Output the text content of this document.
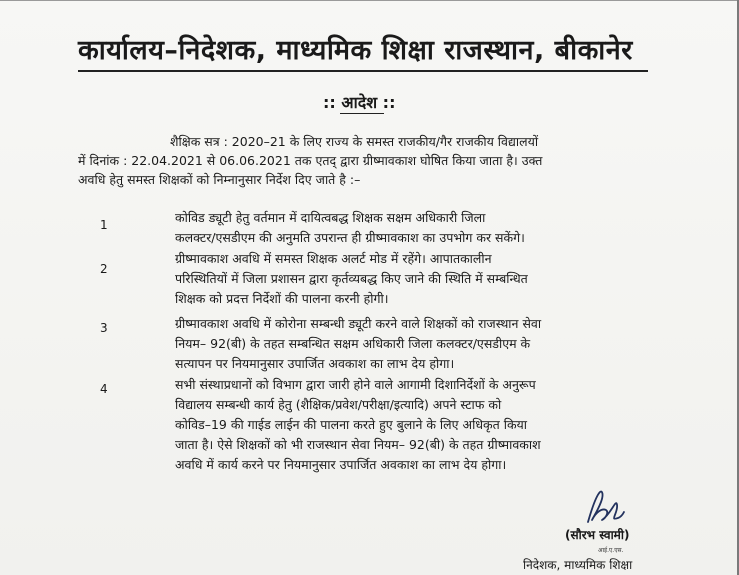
कार्यालय–निदेशक, माध्यमिक शिक्षा राजस्थान, बीकानेर
:: आदेश ::
शैक्षिक सत्र : 2020–21 के लिए राज्य के समस्त राजकीय/गैर राजकीय विद्यालयों
में दिनांक : 22.04.2021 से 06.06.2021 तक एतद् द्वारा ग्रीष्मावकाश घोषित किया जाता है। उक्त
अवधि हेतु समस्त शिक्षकों को निम्नानुसार निर्देश दिए जाते है :–
1	कोविड ड्यूटी हेतु वर्तमान में दायित्वबद्ध शिक्षक सक्षम अधिकारी जिला
कलक्टर/एसडीएम की अनुमति उपरान्त ही ग्रीष्मावकाश का उपभोग कर सकेंगे।
2
ग्रीष्मावकाश अवधि में समस्त शिक्षक अलर्ट मोड में रहेंगे। आपातकालीन
परिस्थितियों में जिला प्रशासन द्वारा कृर्तव्यबद्ध किए जाने की स्थिति में सम्बन्धित
शिक्षक को प्रदत्त निर्देशों की पालना करनी होगी।
3	ग्रीष्मावकाश अवधि में कोरोना सम्बन्धी ड्यूटी करने वाले शिक्षकों को राजस्थान सेवा
नियम– 92(बी) के तहत सम्बन्धित सक्षम अधिकारी जिला कलक्टर/एसडीएम के
सत्यापन पर नियमानुसार उपार्जित अवकाश का लाभ देय होगा।
4	सभी संस्थाप्रधानों को विभाग द्वारा जारी होने वाले आगामी दिशानिर्देशों के अनुरूप
विद्यालय सम्बन्धी कार्य हेतु (शैक्षिक/प्रवेश/परीक्षा/इत्यादि) अपने स्टाफ को
कोविड–19 की गाईड लाईन की पालना करते हुए बुलाने के लिए अधिकृत किया
जाता है। ऐसे शिक्षकों को भी राजस्थान सेवा नियम– 92(बी) के तहत ग्रीष्मावकाश
अवधि में कार्य करने पर नियमानुसार उपार्जित अवकाश का लाभ देय होगा।
(सौरभ स्वामी)
आई.ए.एस.
निदेशक, माध्यमिक शिक्षा
